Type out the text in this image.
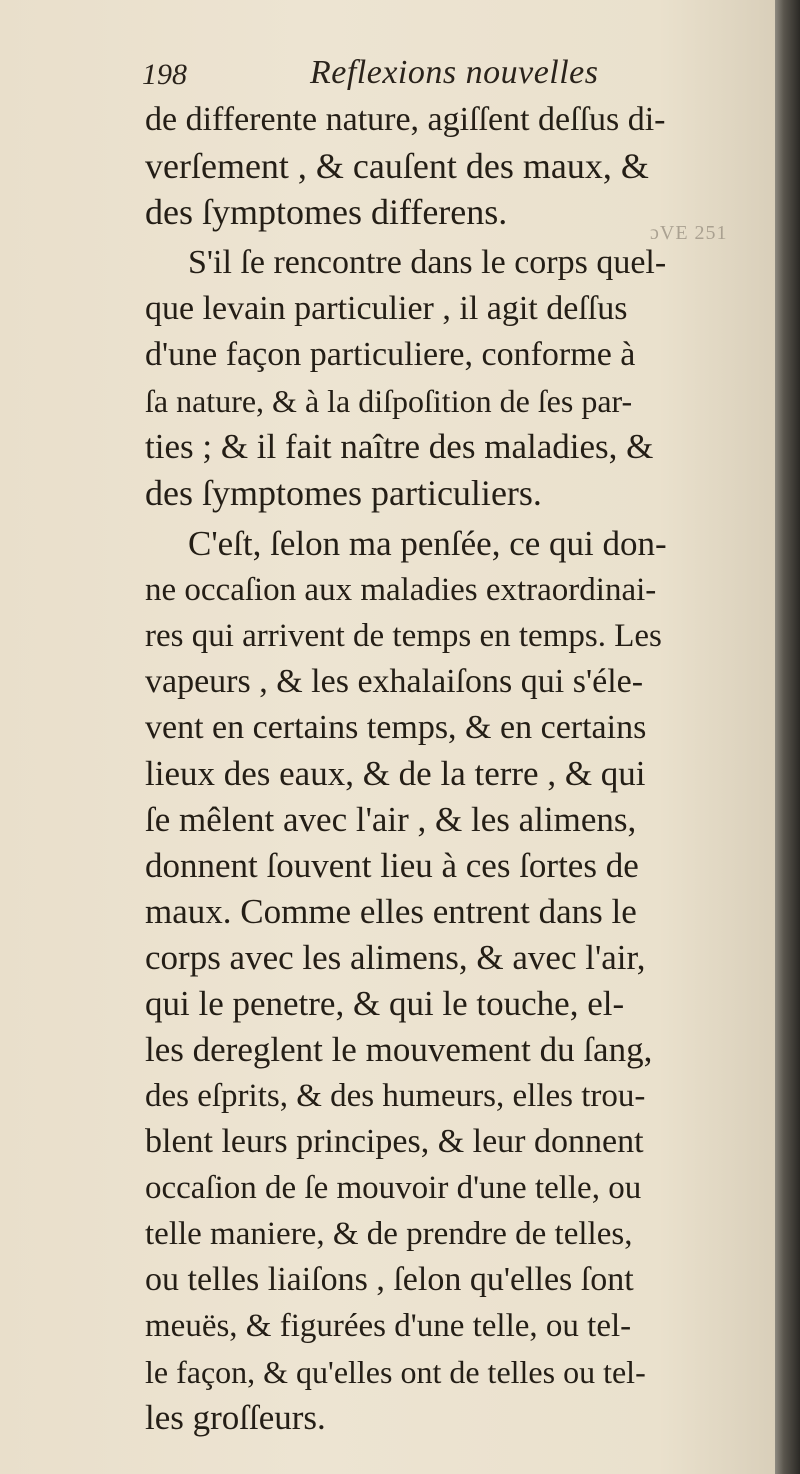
198	Reflexions nouvelles
ɔVE 251
de differente nature, agiſſent deſſus di-
verſement , & cauſent des maux, &
des ſymptomes differens.
S'il ſe rencontre dans le corps quel-
que levain particulier , il agit deſſus
d'une façon particuliere, conforme à
ſa nature, & à la diſpoſition de ſes par-
ties ; & il fait naître des maladies, &
des ſymptomes particuliers.
C'eſt, ſelon ma penſée, ce qui don-
ne occaſion aux maladies extraordinai-
res qui arrivent de temps en temps. Les
vapeurs , & les exhalaiſons qui s'éle-
vent en certains temps, & en certains
lieux des eaux, & de la terre , & qui
ſe mêlent avec l'air , & les alimens,
donnent ſouvent lieu à ces ſortes de
maux. Comme elles entrent dans le
corps avec les alimens, & avec l'air,
qui le penetre, & qui le touche, el-
les dereglent le mouvement du ſang,
des eſprits, & des humeurs, elles trou-
blent leurs principes, & leur donnent
occaſion de ſe mouvoir d'une telle, ou
telle maniere, & de prendre de telles,
ou telles liaiſons , ſelon qu'elles ſont
meuës, & figurées d'une telle, ou tel-
le façon, & qu'elles ont de telles ou tel-
les groſſeurs.
